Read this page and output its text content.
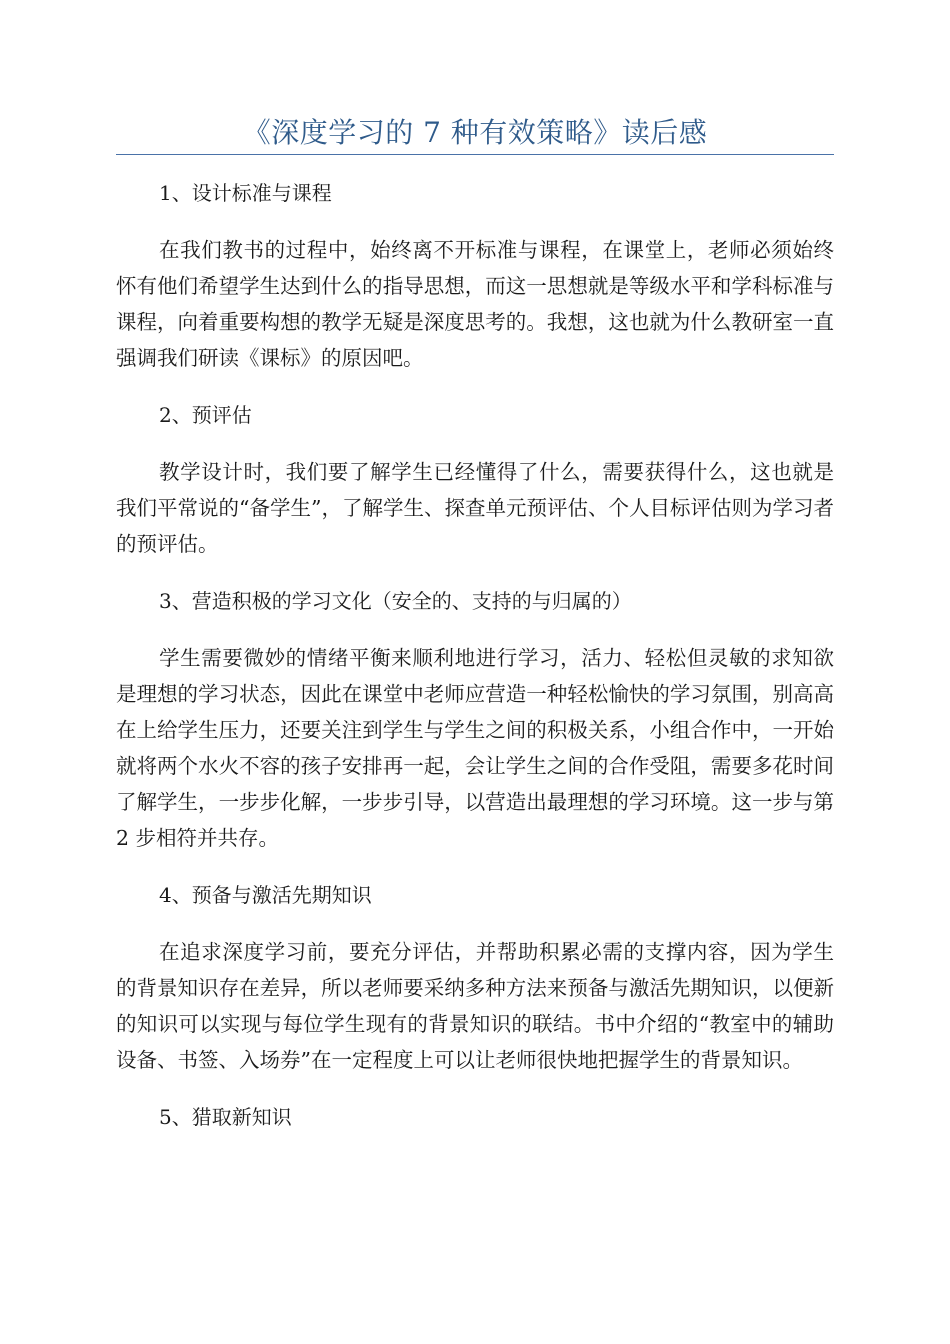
《深度学习的 7 种有效策略》读后感
1、设计标准与课程
在我们教书的过程中，始终离不开标准与课程，在课堂上，老师必须始终怀有他们希望学生达到什么的指导思想，而这一思想就是等级水平和学科标准与课程，向着重要构想的教学无疑是深度思考的。我想，这也就为什么教研室一直强调我们研读《课标》的原因吧。
2、预评估
教学设计时，我们要了解学生已经懂得了什么，需要获得什么，这也就是我们平常说的“备学生”，了解学生、探查单元预评估、个人目标评估则为学习者的预评估。
3、营造积极的学习文化（安全的、支持的与归属的）
学生需要微妙的情绪平衡来顺利地进行学习，活力、轻松但灵敏的求知欲是理想的学习状态，因此在课堂中老师应营造一种轻松愉快的学习氛围，别高高在上给学生压力，还要关注到学生与学生之间的积极关系，小组合作中，一开始就将两个水火不容的孩子安排再一起，会让学生之间的合作受阻，需要多花时间了解学生，一步步化解，一步步引导，以营造出最理想的学习环境。这一步与第 2 步相符并共存。
4、预备与激活先期知识
在追求深度学习前，要充分评估，并帮助积累必需的支撑内容，因为学生的背景知识存在差异，所以老师要采纳多种方法来预备与激活先期知识，以便新的知识可以实现与每位学生现有的背景知识的联结。书中介绍的“教室中的辅助设备、书签、入场券”在一定程度上可以让老师很快地把握学生的背景知识。
5、猎取新知识
